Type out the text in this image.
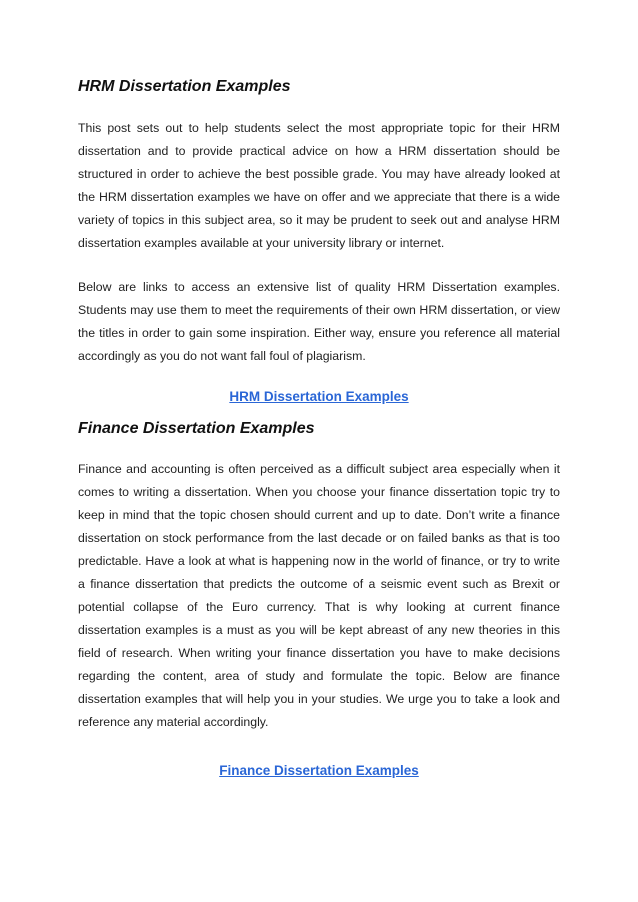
HRM Dissertation Examples

This post sets out to help students select the most appropriate topic for their HRM dissertation and to provide practical advice on how a HRM dissertation should be structured in order to achieve the best possible grade. You may have already looked at the HRM dissertation examples we have on offer and we appreciate that there is a wide variety of topics in this subject area, so it may be prudent to seek out and analyse HRM dissertation examples available at your university library or internet.

Below are links to access an extensive list of quality HRM Dissertation examples. Students may use them to meet the requirements of their own HRM dissertation, or view the titles in order to gain some inspiration. Either way, ensure you reference all material accordingly as you do not want fall foul of plagiarism.

HRM Dissertation Examples

Finance Dissertation Examples

Finance and accounting is often perceived as a difficult subject area especially when it comes to writing a dissertation. When you choose your finance dissertation topic try to keep in mind that the topic chosen should current and up to date. Don’t write a finance dissertation on stock performance from the last decade or on failed banks as that is too predictable. Have a look at what is happening now in the world of finance, or try to write a finance dissertation that predicts the outcome of a seismic event such as Brexit or potential collapse of the Euro currency. That is why looking at current finance dissertation examples is a must as you will be kept abreast of any new theories in this field of research. When writing your finance dissertation you have to make decisions regarding the content, area of study and formulate the topic. Below are finance dissertation examples that will help you in your studies. We urge you to take a look and reference any material accordingly.

Finance Dissertation Examples
